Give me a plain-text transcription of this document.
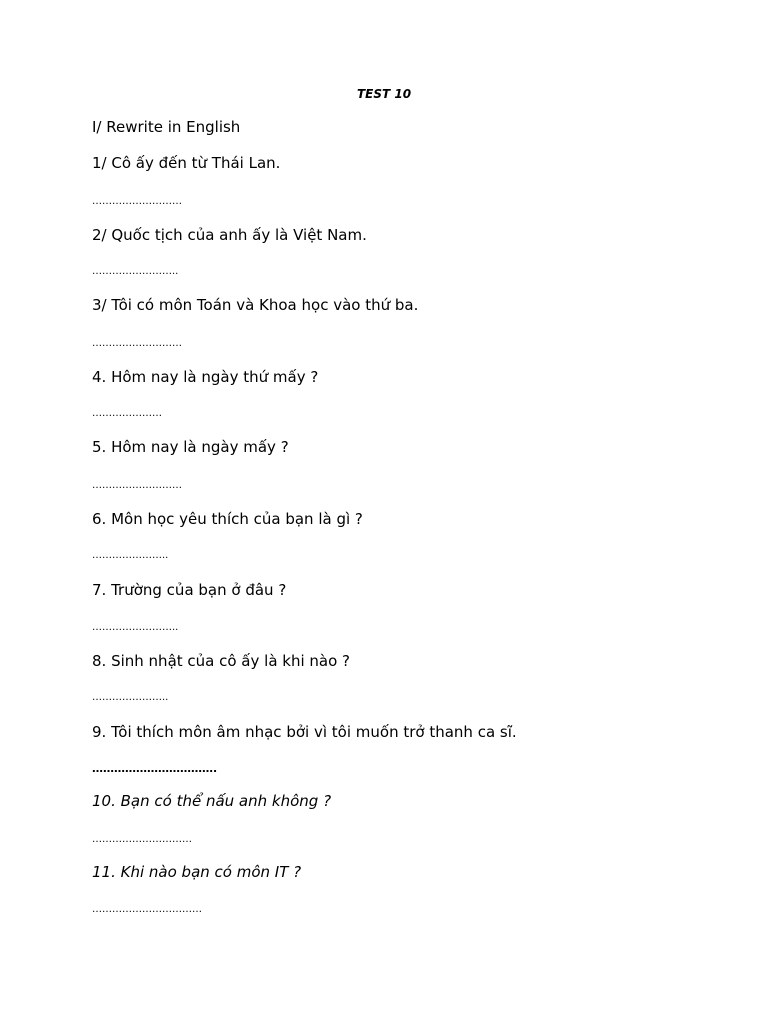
TEST 10
I/ Rewrite in English
1/ Cô ấy đến từ Thái Lan.
………………………
2/ Quốc tịch của anh ấy là Việt Nam.
……………………..
3/ Tôi có môn Toán và Khoa học vào thứ ba.
………………………
4. Hôm nay là ngày thứ mấy ?
…………………
5. Hôm nay là ngày mấy ?
………………………
6. Môn học yêu thích của bạn là gì ?
…………………..
7. Trường của bạn ở đâu ?
……………………..
8. Sinh nhật của cô ấy là khi nào ?
…………………..
9. Tôi thích môn âm nhạc bởi vì tôi muốn trở thanh ca sĩ.
…………………………….
10. Bạn có thể nấu anh không ?
…………………………
11. Khi nào bạn có môn IT ?
……………………………
